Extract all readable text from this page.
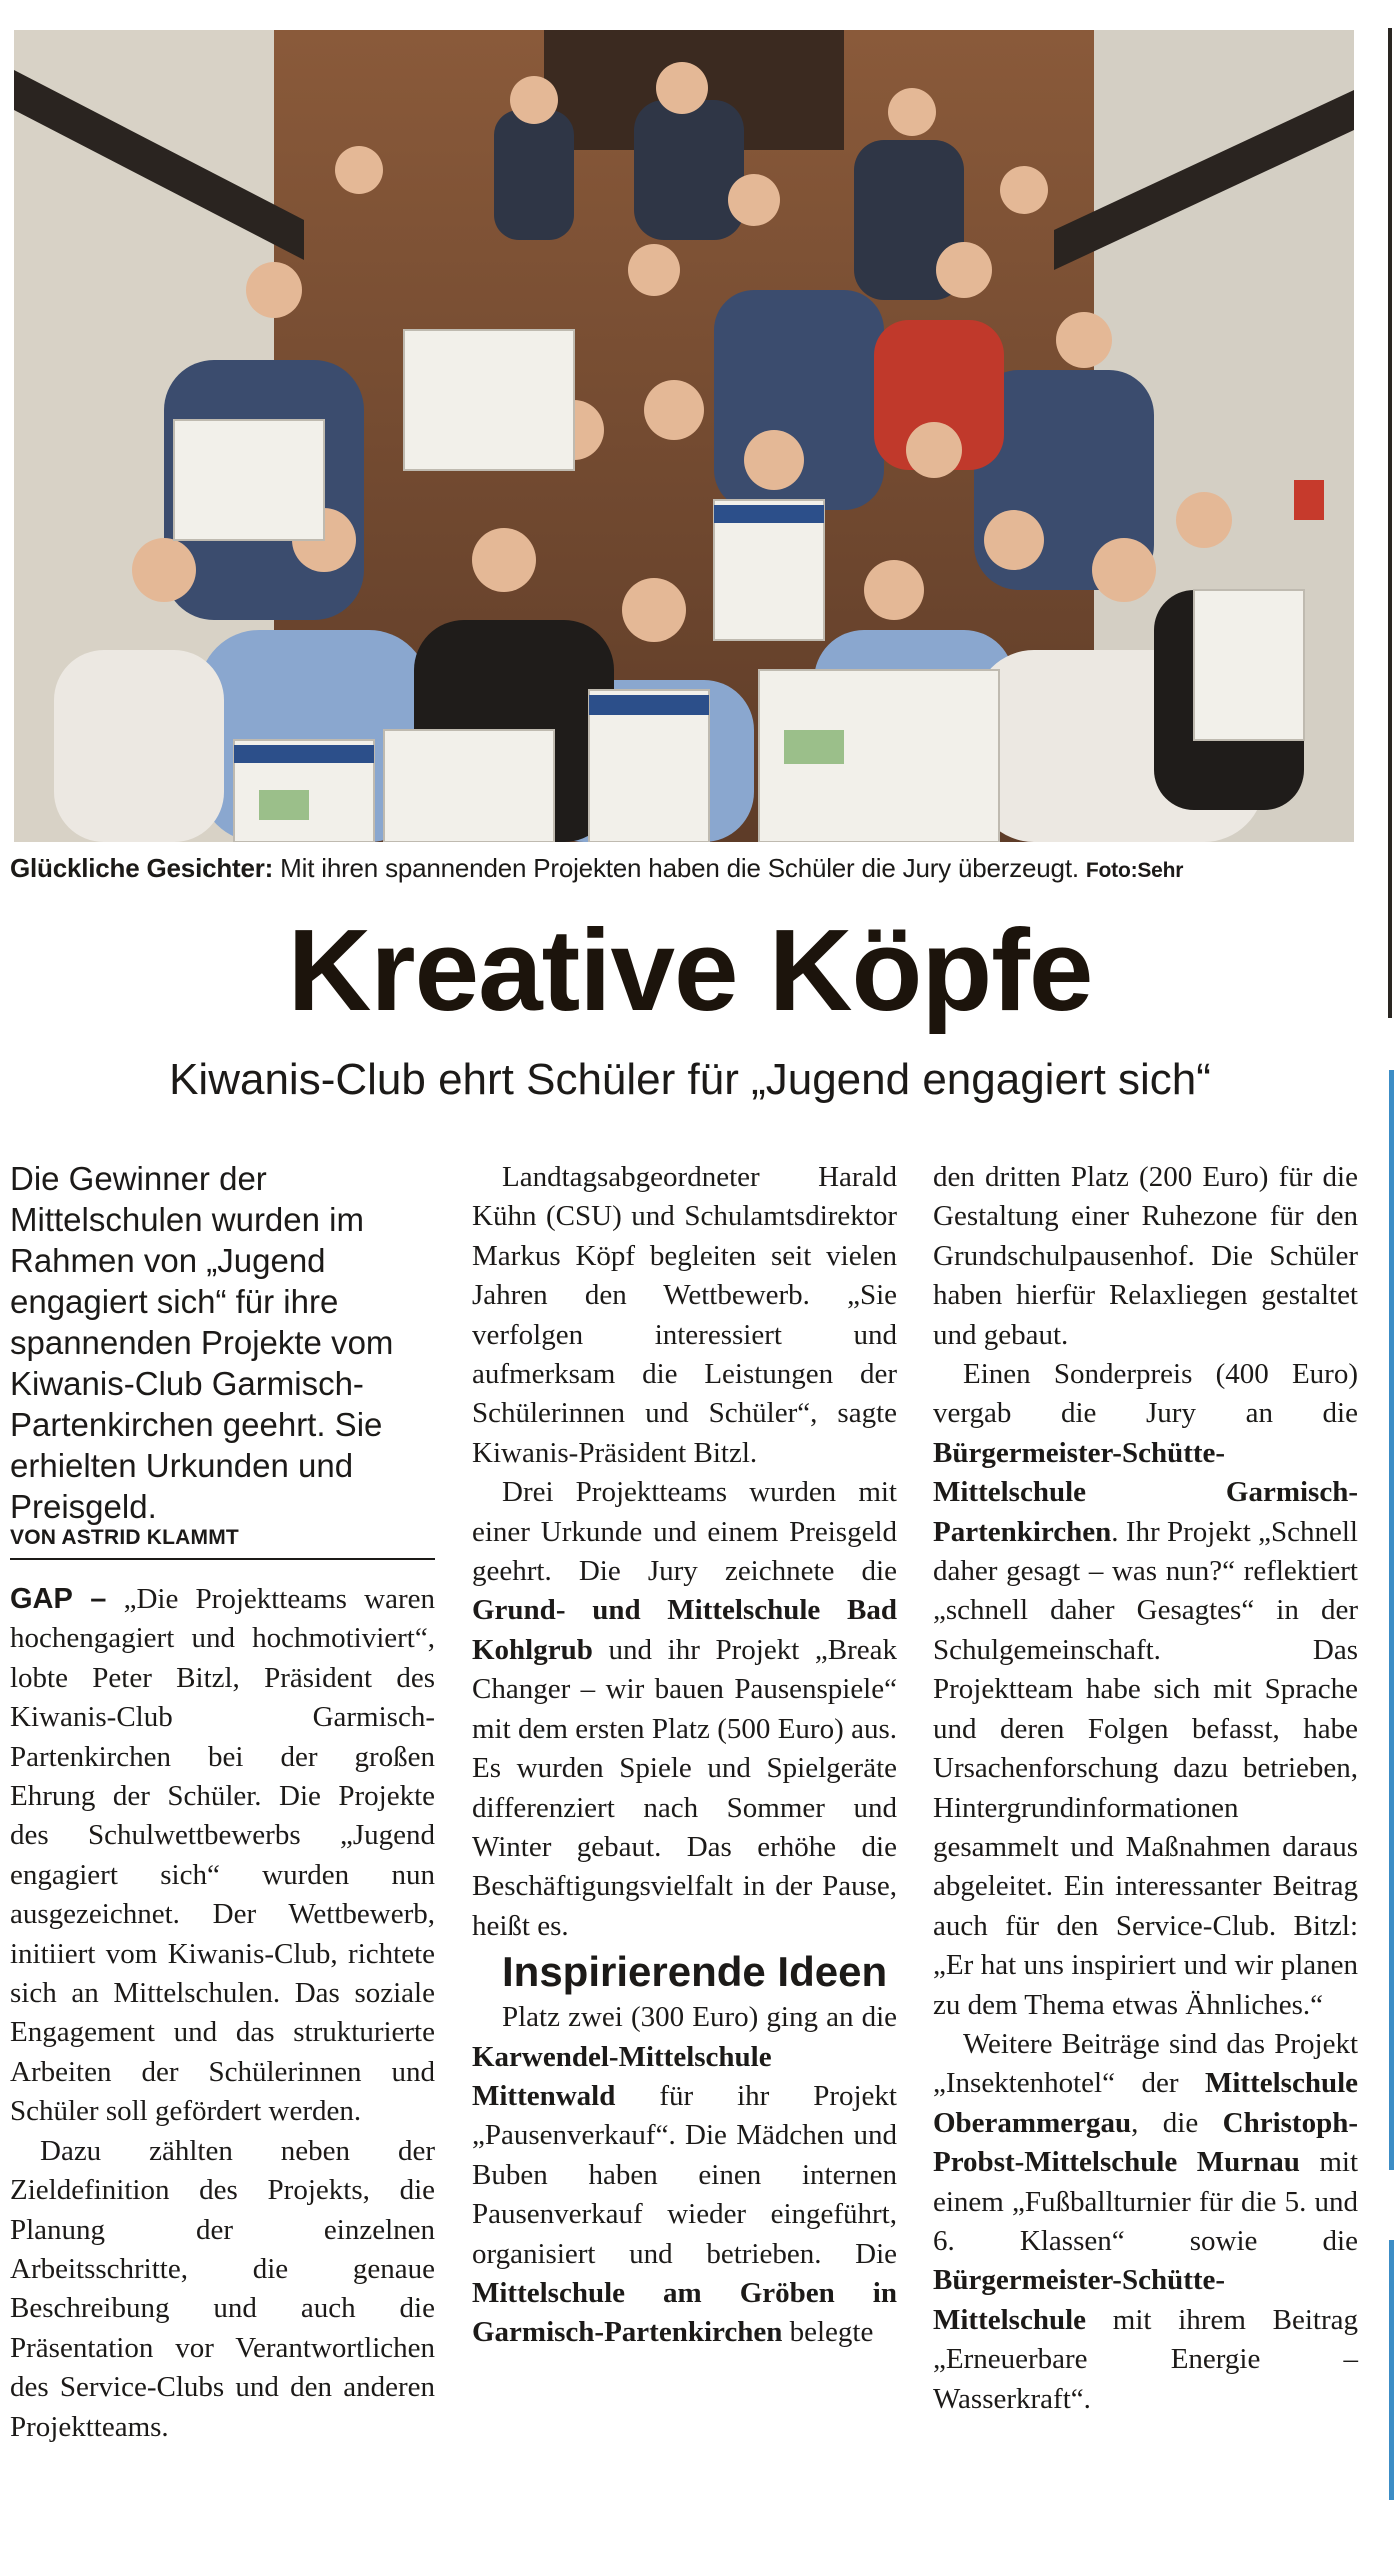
Glückliche Gesichter: Mit ihren spannenden Projekten haben die Schüler die Jury überzeugt. Foto:Sehr
Kreative Köpfe
Kiwanis-Club ehrt Schüler für „Jugend engagiert sich“
Die Gewinner der Mittelschulen wurden im Rahmen von „Jugend engagiert sich“ für ihre spannenden Projekte vom Kiwanis-Club Garmisch-Partenkirchen geehrt. Sie erhielten Urkunden und Preisgeld.
VON ASTRID KLAMMT

GAP – „Die Projektteams waren hochengagiert und hochmotiviert“, lobte Peter Bitzl, Präsident des Kiwanis-Club Garmisch-Partenkirchen bei der großen Ehrung der Schüler. Die Projekte des Schulwettbewerbs „Jugend engagiert sich“ wurden nun ausgezeichnet. Der Wettbewerb, initiiert vom Kiwanis-Club, richtete sich an Mittelschulen. Das soziale Engagement und das strukturierte Arbeiten der Schülerinnen und Schüler soll gefördert werden.

Dazu zählten neben der Zieldefinition des Projekts, die Planung der einzelnen Arbeitsschritte, die genaue Beschreibung und auch die Präsentation vor Verantwortlichen des Service-Clubs und den anderen Projektteams.

Landtagsabgeordneter Harald Kühn (CSU) und Schulamtsdirektor Markus Köpf begleiten seit vielen Jahren den Wettbewerb. „Sie verfolgen interessiert und aufmerksam die Leistungen der Schülerinnen und Schüler“, sagte Kiwanis-Präsident Bitzl.

Drei Projektteams wurden mit einer Urkunde und einem Preisgeld geehrt. Die Jury zeichnete die Grund- und Mittelschule Bad Kohlgrub und ihr Projekt „Break Changer – wir bauen Pausenspiele“ mit dem ersten Platz (500 Euro) aus. Es wurden Spiele und Spielgeräte differenziert nach Sommer und Winter gebaut. Das erhöhe die Beschäftigungsvielfalt in der Pause, heißt es.

Inspirierende Ideen

Platz zwei (300 Euro) ging an die Karwendel-Mittelschule Mittenwald für ihr Projekt „Pausenverkauf“. Die Mädchen und Buben haben einen internen Pausenverkauf wieder eingeführt, organisiert und betrieben. Die Mittelschule am Gröben in Garmisch-Partenkirchen belegte

den dritten Platz (200 Euro) für die Gestaltung einer Ruhezone für den Grundschulpausenhof. Die Schüler haben hierfür Relaxliegen gestaltet und gebaut.

Einen Sonderpreis (400 Euro) vergab die Jury an die Bürgermeister-Schütte-Mittelschule Garmisch-Partenkirchen. Ihr Projekt „Schnell daher gesagt – was nun?“ reflektiert „schnell daher Gesagtes“ in der Schulgemeinschaft. Das Projektteam habe sich mit Sprache und deren Folgen befasst, habe Ursachenforschung dazu betrieben, Hintergrundinformationen gesammelt und Maßnahmen daraus abgeleitet. Ein interessanter Beitrag auch für den Service-Club. Bitzl: „Er hat uns inspiriert und wir planen zu dem Thema etwas Ähnliches.“

Weitere Beiträge sind das Projekt „Insektenhotel“ der Mittelschule Oberammergau, die Christoph-Probst-Mittelschule Murnau mit einem „Fußballturnier für die 5. und 6. Klassen“ sowie die Bürgermeister-Schütte-Mittelschule mit ihrem Beitrag „Erneuerbare Energie – Wasserkraft“.
